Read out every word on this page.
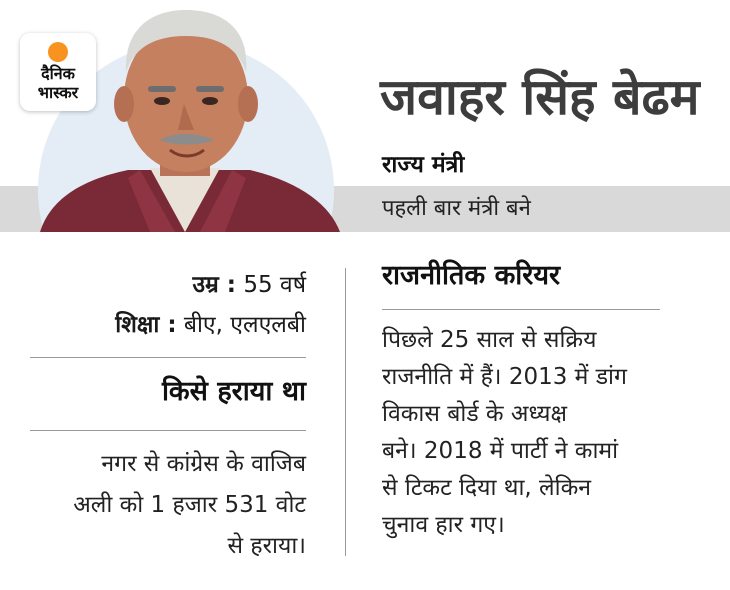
दैनिक
भास्कर	जवाहर सिंह बेढम
राज्य मंत्री
पहली बार मंत्री बने
उम्र : 55 वर्ष
शिक्षा : बीए, एलएलबी
किसे हराया था
नगर से कांग्रेस के वाजिब
अली को 1 हजार 531 वोट
से हराया।
राजनीतिक करियर
पिछले 25 साल से सक्रिय
राजनीति में हैं। 2013 में डांग
विकास बोर्ड के अध्यक्ष
बने। 2018 में पार्टी ने कामां
से टिकट दिया था, लेकिन
चुनाव हार गए।
